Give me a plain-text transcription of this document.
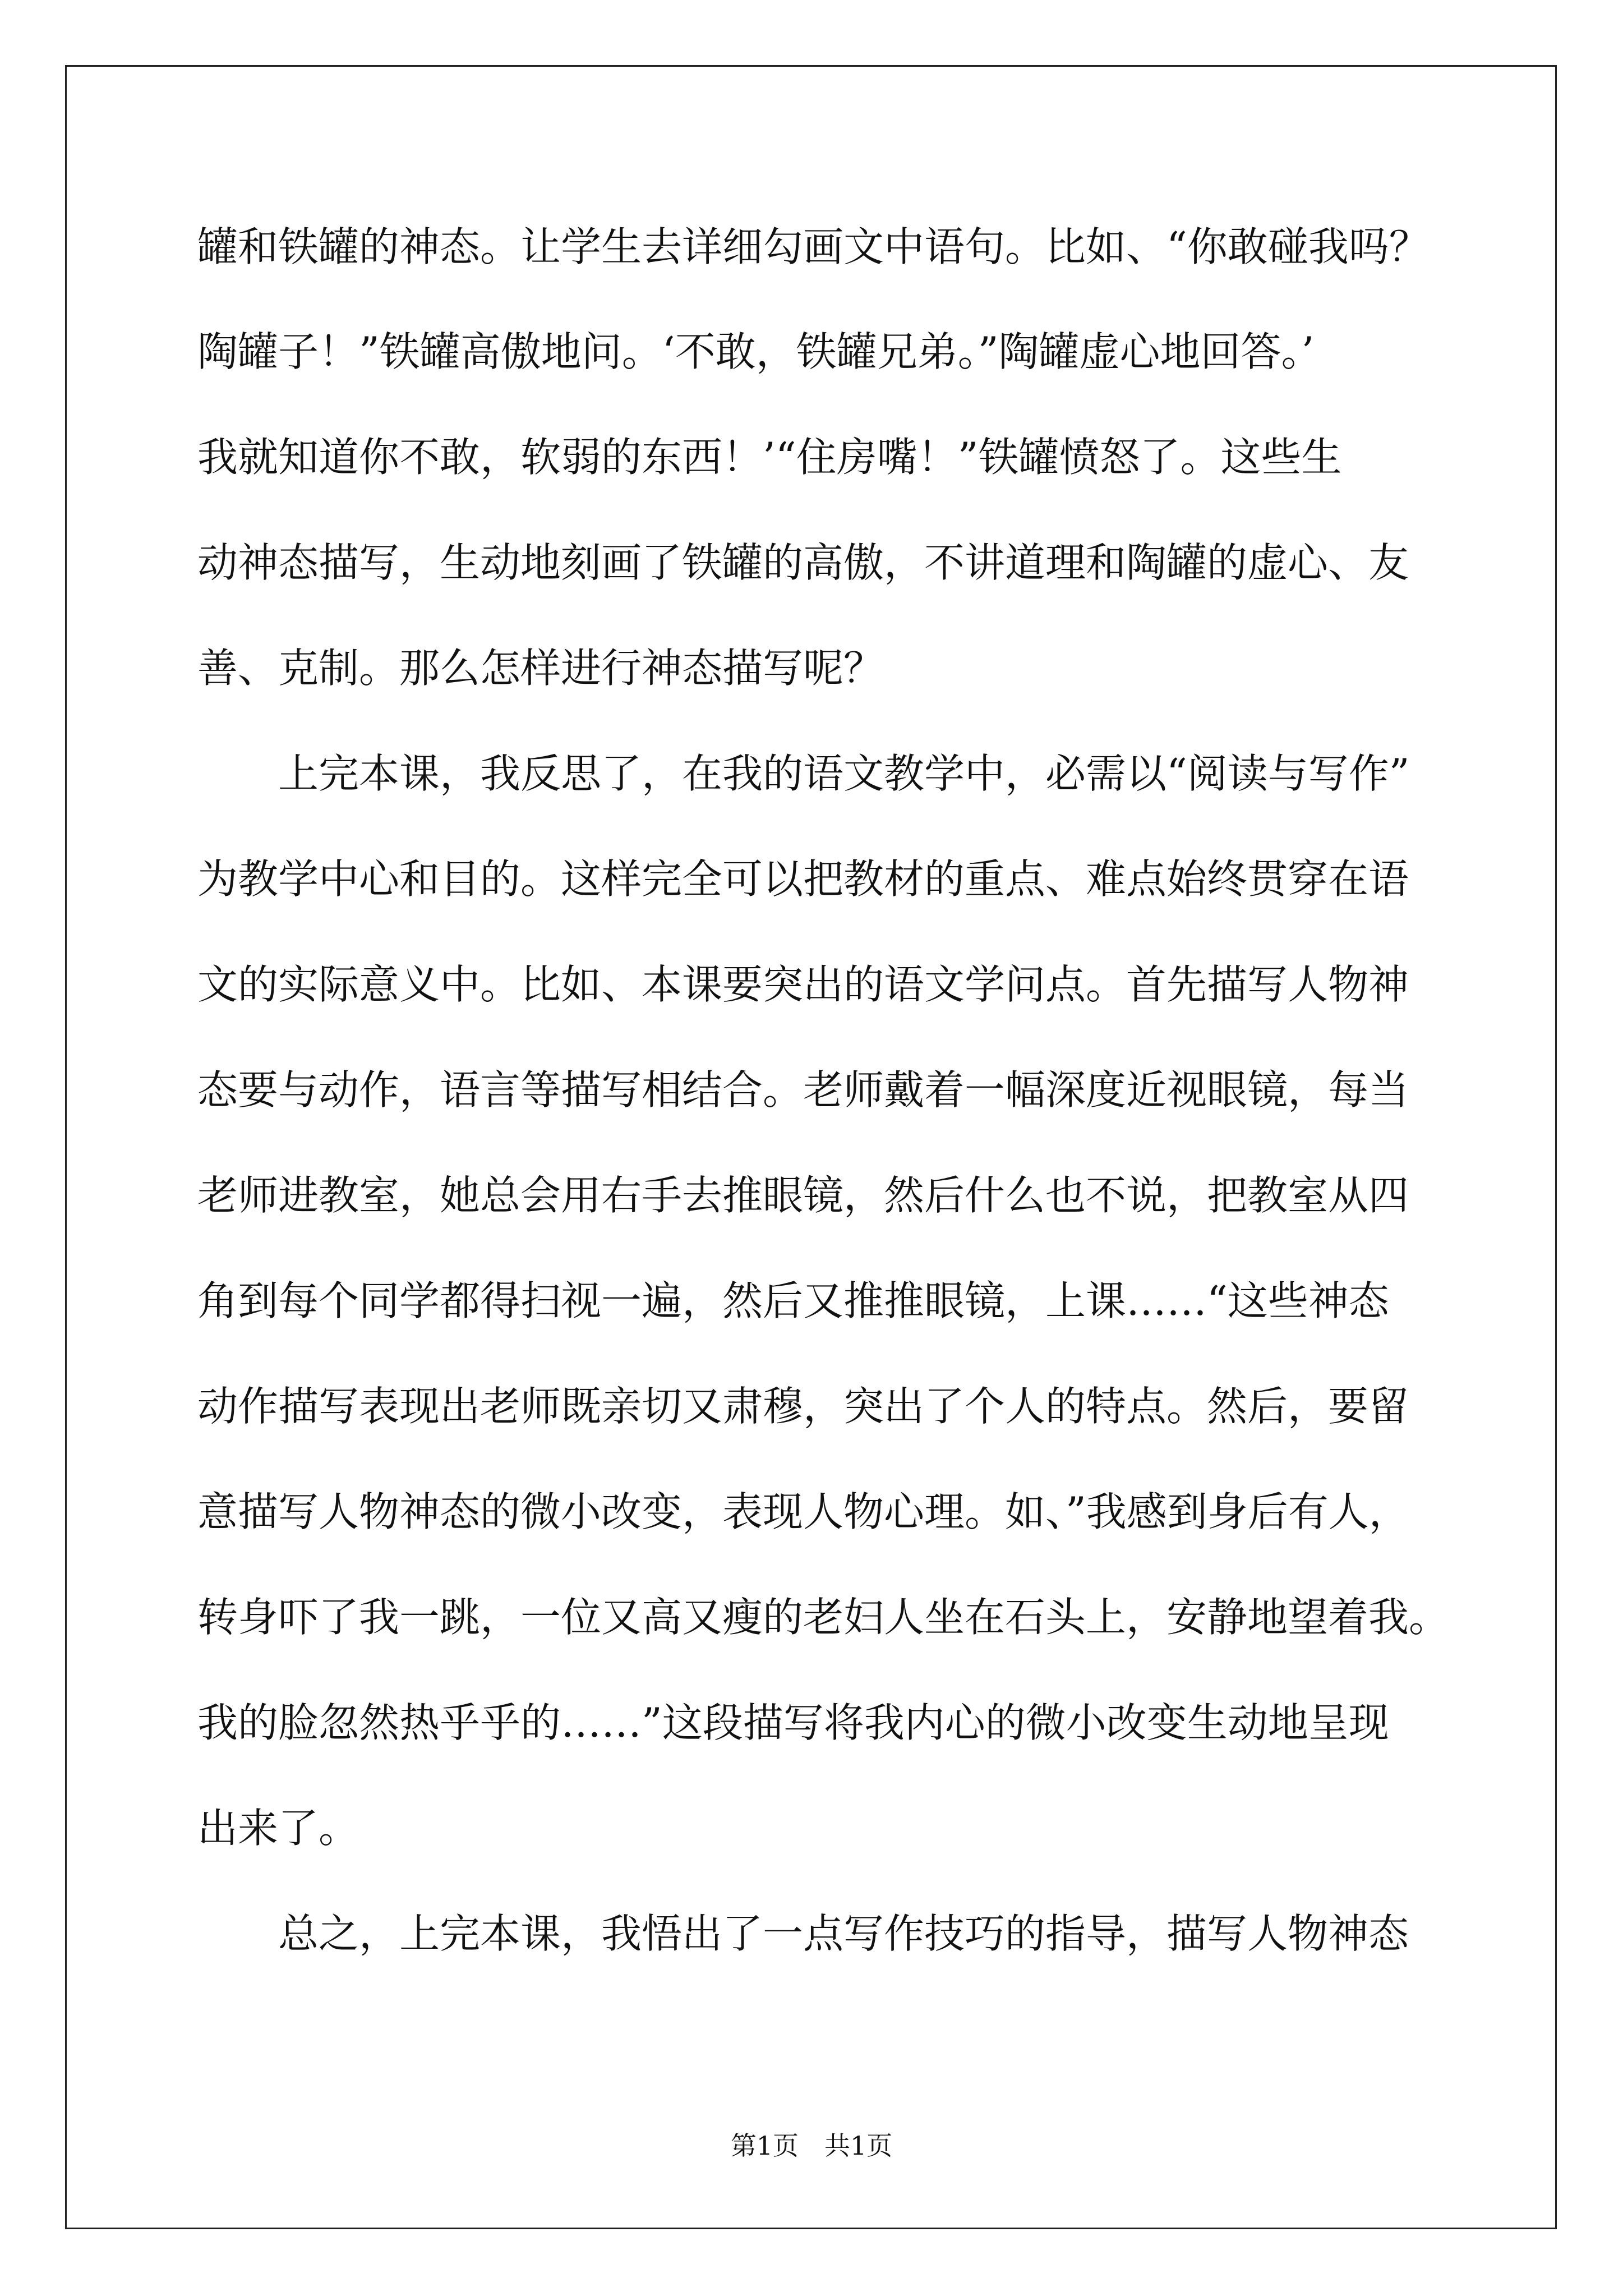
罐和铁罐的神态。让学生去详细勾画文中语句。比如、“你敢碰我吗？

陶罐子！”铁罐高傲地问。‘不敢，铁罐兄弟。”陶罐虚心地回答。’

我就知道你不敢，软弱的东西！’“住房嘴！”铁罐愤怒了。这些生

动神态描写，生动地刻画了铁罐的高傲，不讲道理和陶罐的虚心、友

善、克制。那么怎样进行神态描写呢？

　　上完本课，我反思了，在我的语文教学中，必需以“阅读与写作”

为教学中心和目的。这样完全可以把教材的重点、难点始终贯穿在语

文的实际意义中。比如、本课要突出的语文学问点。首先描写人物神

态要与动作，语言等描写相结合。老师戴着一幅深度近视眼镜，每当

老师进教室，她总会用右手去推眼镜，然后什么也不说，把教室从四

角到每个同学都得扫视一遍，然后又推推眼镜，上课……“这些神态

动作描写表现出老师既亲切又肃穆，突出了个人的特点。然后，要留

意描写人物神态的微小改变，表现人物心理。如、”我感到身后有人，

转身吓了我一跳，一位又高又瘦的老妇人坐在石头上，安静地望着我。

我的脸忽然热乎乎的……”这段描写将我内心的微小改变生动地呈现

出来了。

　　总之，上完本课，我悟出了一点写作技巧的指导，描写人物神态

第1页　共1页
